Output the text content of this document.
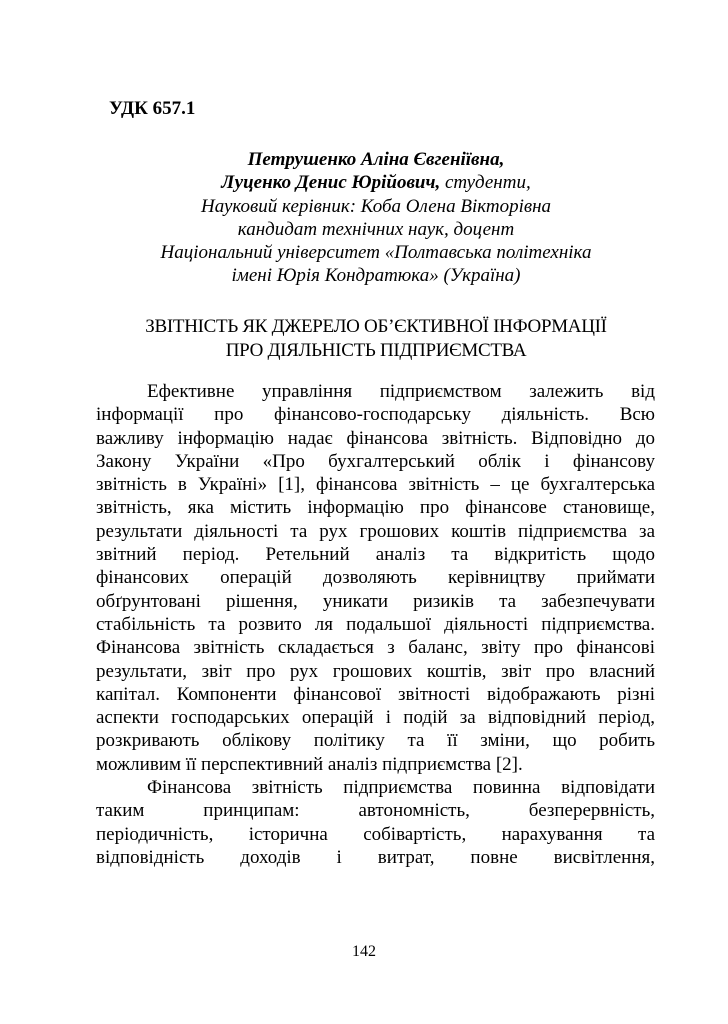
УДК 657.1

Петрушенко Аліна Євгеніївна,
Луценко Денис Юрійович, студенти,
Науковий керівник: Коба Олена Вікторівна
кандидат технічних наук, доцент
Національний університет «Полтавська політехніка
імені Юрія Кондратюка» (Україна)
ЗВІТНІСТЬ ЯК ДЖЕРЕЛО ОБ’ЄКТИВНОЇ ІНФОРМАЦІЇ
ПРО ДІЯЛЬНІСТЬ ПІДПРИЄМСТВА
Ефективне управління підприємством залежить від
інформації про фінансово-господарську діяльність. Всю
важливу інформацію надає фінансова звітність. Відповідно до
Закону України «Про бухгалтерський облік і фінансову
звітність в Україні» [1], фінансова звітність – це бухгалтерська
звітність, яка містить інформацію про фінансове становище,
результати діяльності та рух грошових коштів підприємства за
звітний період. Ретельний аналіз та відкритість щодо
фінансових операцій дозволяють керівництву приймати
обґрунтовані рішення, уникати ризиків та забезпечувати
стабільність та розвито ля подальшої діяльності підприємства.
Фінансова звітність складається з баланс, звіту про фінансові
результати, звіт про рух грошових коштів, звіт про власний
капітал. Компоненти фінансової звітності відображають різні
аспекти господарських операцій і подій за відповідний період,
розкривають облікову політику та її зміни, що робить
можливим її перспективний аналіз підприємства [2].
Фінансова звітність підприємства повинна відповідати
таким принципам: автономність, безперервність,
періодичність, історична собівартість, нарахування та
відповідність доходів і витрат, повне висвітлення,

142
